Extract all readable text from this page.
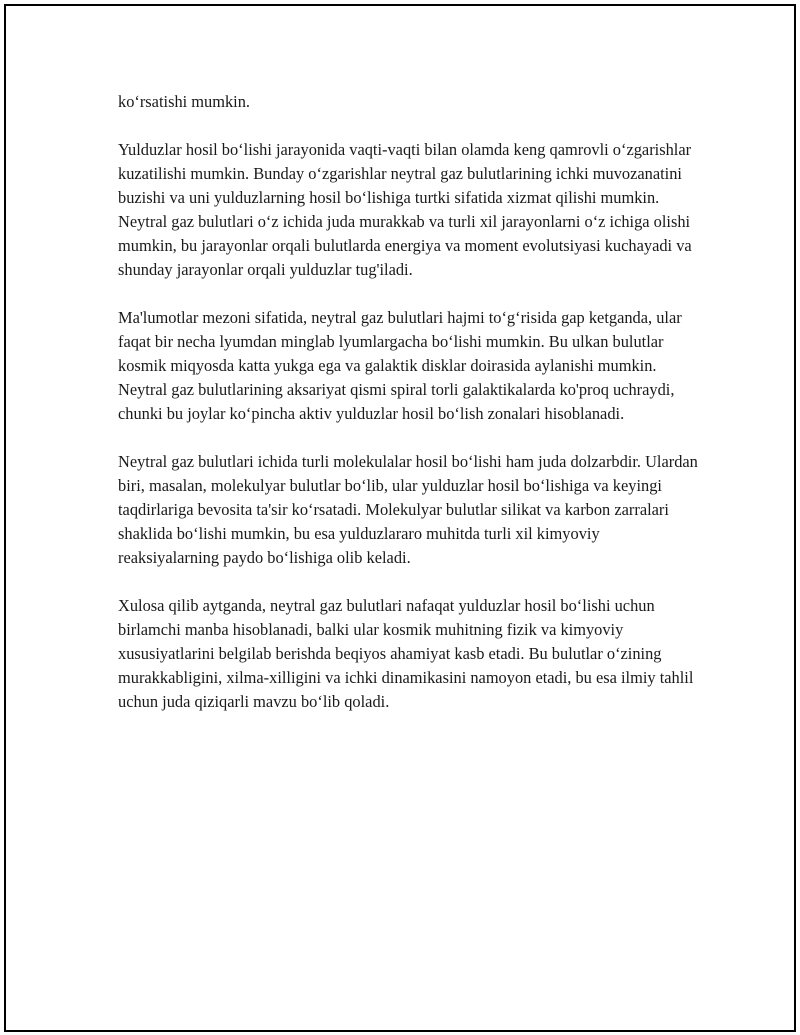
ko‘rsatishi mumkin.

Yulduzlar hosil bo‘lishi jarayonida vaqti-vaqti bilan olamda keng qamrovli o‘zgarishlar kuzatilishi mumkin. Bunday o‘zgarishlar neytral gaz bulutlarining ichki muvozanatini buzishi va uni yulduzlarning hosil bo‘lishiga turtki sifatida xizmat qilishi mumkin. Neytral gaz bulutlari o‘z ichida juda murakkab va turli xil jarayonlarni o‘z ichiga olishi mumkin, bu jarayonlar orqali bulutlarda energiya va moment evolutsiyasi kuchayadi va shunday jarayonlar orqali yulduzlar tug'iladi.

Ma'lumotlar mezoni sifatida, neytral gaz bulutlari hajmi to‘g‘risida gap ketganda, ular faqat bir necha lyumdan minglab lyumlargacha bo‘lishi mumkin. Bu ulkan bulutlar kosmik miqyosda katta yukga ega va galaktik disklar doirasida aylanishi mumkin. Neytral gaz bulutlarining aksariyat qismi spiral torli galaktikalarda ko'proq uchraydi, chunki bu joylar ko‘pincha aktiv yulduzlar hosil bo‘lish zonalari hisoblanadi.

Neytral gaz bulutlari ichida turli molekulalar hosil bo‘lishi ham juda dolzarbdir. Ulardan biri, masalan, molekulyar bulutlar bo‘lib, ular yulduzlar hosil bo‘lishiga va keyingi taqdirlariga bevosita ta'sir ko‘rsatadi. Molekulyar bulutlar silikat va karbon zarralari shaklida bo‘lishi mumkin, bu esa yulduzlararo muhitda turli xil kimyoviy reaksiyalarning paydo bo‘lishiga olib keladi.

Xulosa qilib aytganda, neytral gaz bulutlari nafaqat yulduzlar hosil bo‘lishi uchun birlamchi manba hisoblanadi, balki ular kosmik muhitning fizik va kimyoviy xususiyatlarini belgilab berishda beqiyos ahamiyat kasb etadi. Bu bulutlar o‘zining murakkabligini, xilma-xilligini va ichki dinamikasini namoyon etadi, bu esa ilmiy tahlil uchun juda qiziqarli mavzu bo‘lib qoladi.
